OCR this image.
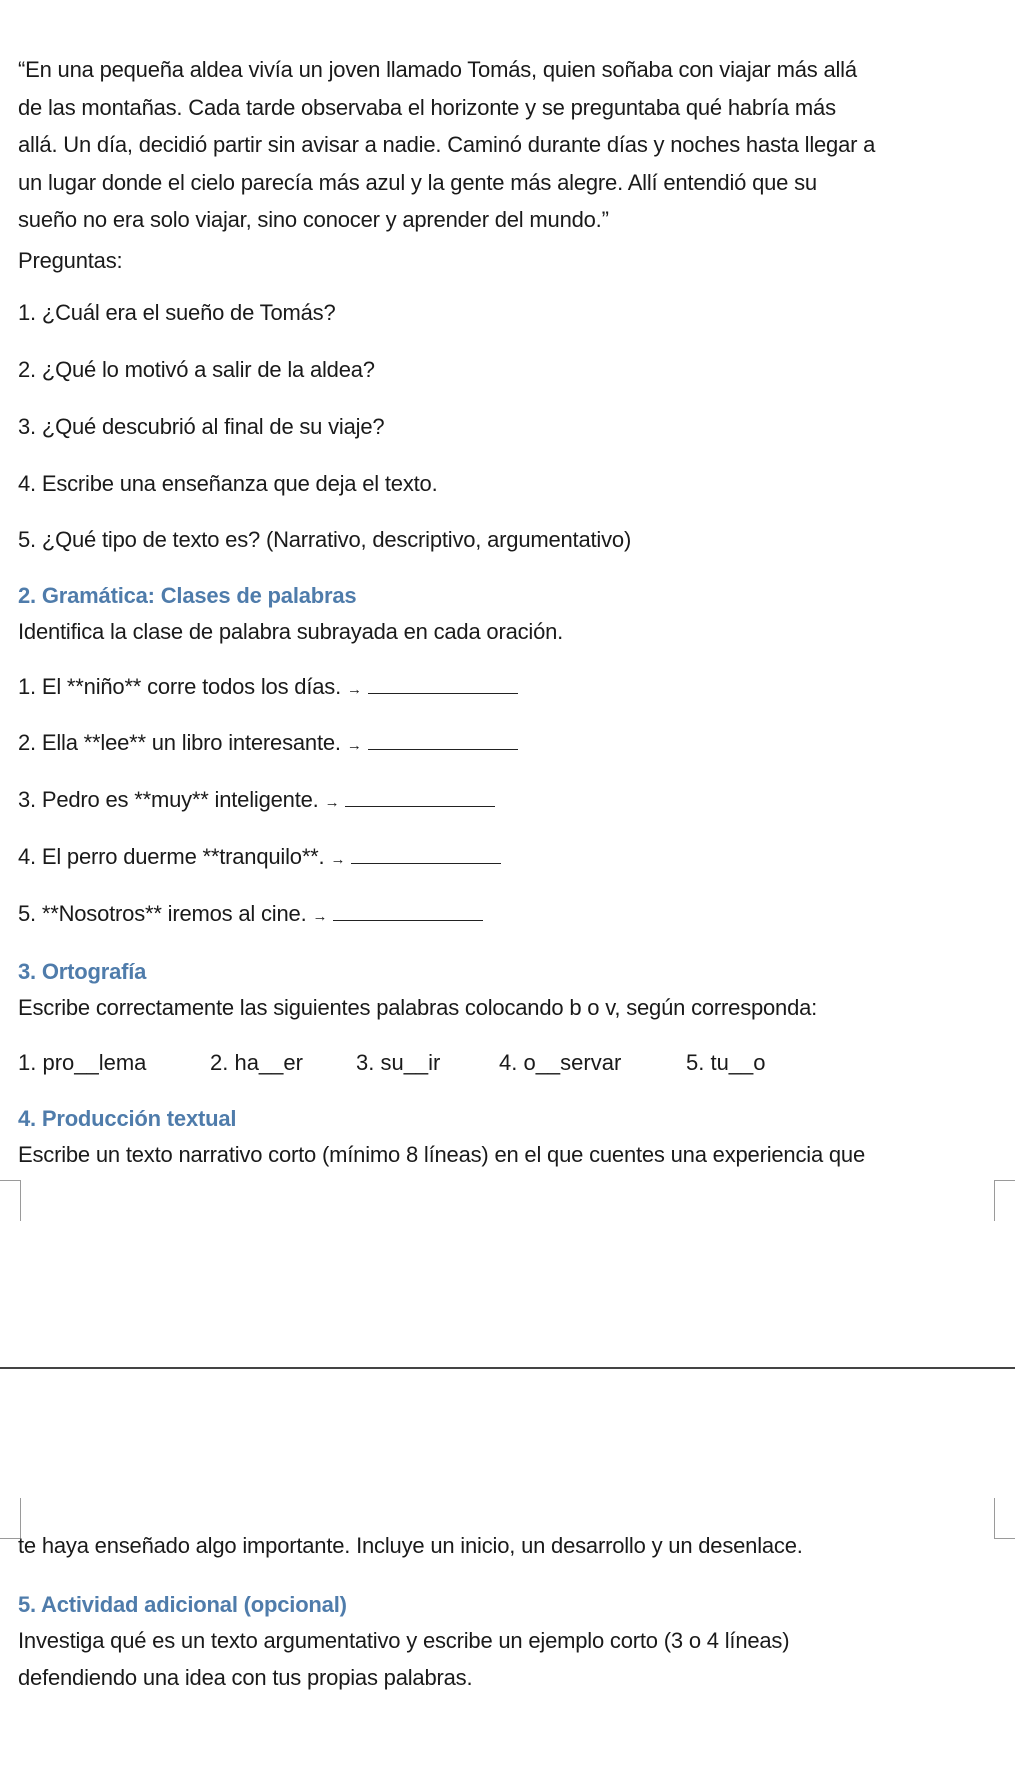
“En una pequeña aldea vivía un joven llamado Tomás, quien soñaba con viajar más allá
de las montañas. Cada tarde observaba el horizonte y se preguntaba qué habría más
allá. Un día, decidió partir sin avisar a nadie. Caminó durante días y noches hasta llegar a
un lugar donde el cielo parecía más azul y la gente más alegre. Allí entendió que su
sueño no era solo viajar, sino conocer y aprender del mundo.”
Preguntas:
1. ¿Cuál era el sueño de Tomás?
2. ¿Qué lo motivó a salir de la aldea?
3. ¿Qué descubrió al final de su viaje?
4. Escribe una enseñanza que deja el texto.
5. ¿Qué tipo de texto es? (Narrativo, descriptivo, argumentativo)
2. Gramática: Clases de palabras
Identifica la clase de palabra subrayada en cada oración.
1. El **niño** corre todos los días. →
2. Ella **lee** un libro interesante. →
3. Pedro es **muy** inteligente. →
4. El perro duerme **tranquilo**. →
5. **Nosotros** iremos al cine. →
3. Ortografía
Escribe correctamente las siguientes palabras colocando b o v, según corresponda:
1. pro__lema	2. ha__er 3. su__ir	4. o__servar	5. tu__o
4. Producción textual
Escribe un texto narrativo corto (mínimo 8 líneas) en el que cuentes una experiencia que
te haya enseñado algo importante. Incluye un inicio, un desarrollo y un desenlace.
5. Actividad adicional (opcional)
Investiga qué es un texto argumentativo y escribe un ejemplo corto (3 o 4 líneas)
defendiendo una idea con tus propias palabras.
